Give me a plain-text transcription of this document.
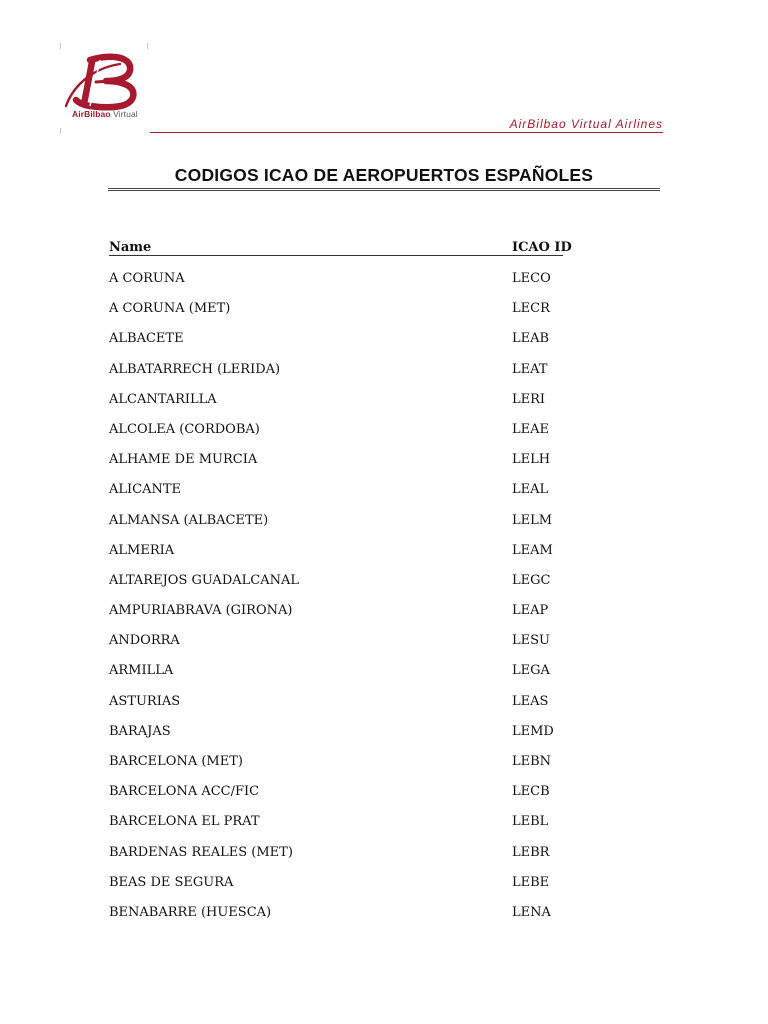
AirBilbao Virtual
AirBilbao Virtual Airlines
CODIGOS ICAO DE AEROPUERTOS ESPAÑOLES
Name	ICAO ID
A CORUNA	LECO
A CORUNA (MET)	LECR
ALBACETE	LEAB
ALBATARRECH (LERIDA)	LEAT
ALCANTARILLA	LERI
ALCOLEA (CORDOBA)	LEAE
ALHAME DE MURCIA	LELH
ALICANTE	LEAL
ALMANSA (ALBACETE)	LELM
ALMERIA	LEAM
ALTAREJOS GUADALCANAL	LEGC
AMPURIABRAVA (GIRONA)	LEAP
ANDORRA	LESU
ARMILLA	LEGA
ASTURIAS	LEAS
BARAJAS	LEMD
BARCELONA (MET)	LEBN
BARCELONA ACC/FIC	LECB
BARCELONA EL PRAT	LEBL
BARDENAS REALES (MET)	LEBR
BEAS DE SEGURA	LEBE
BENABARRE (HUESCA)	LENA
